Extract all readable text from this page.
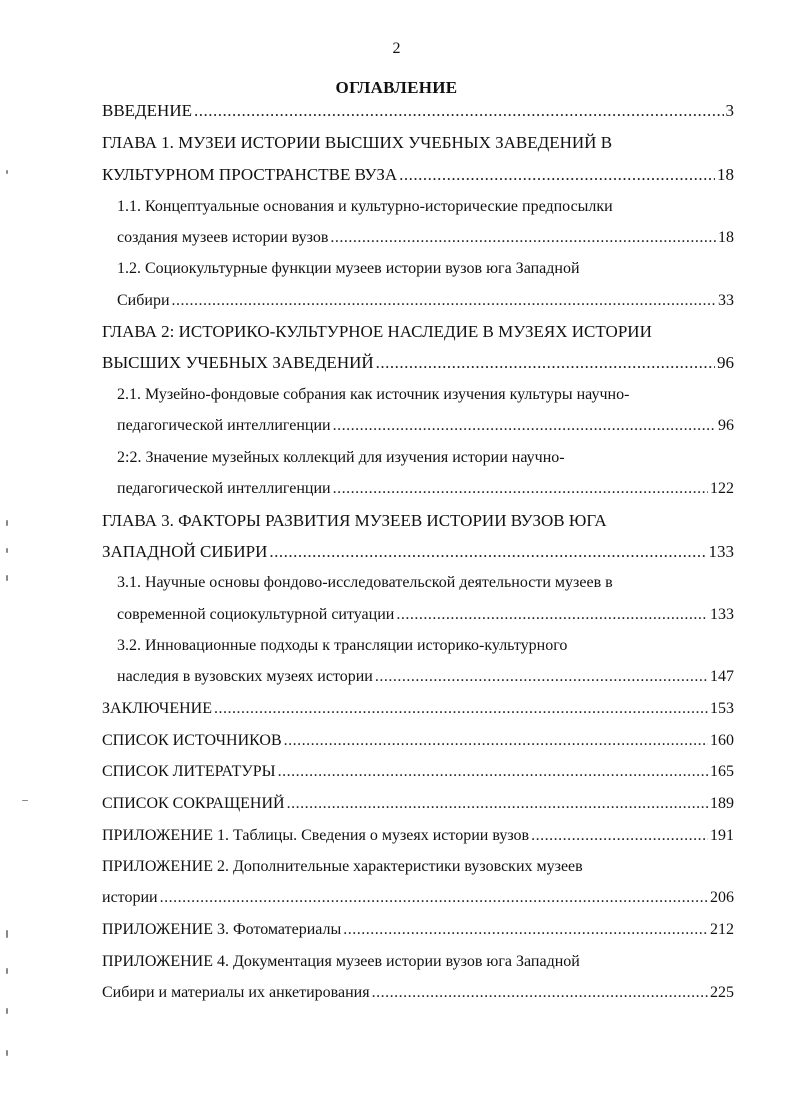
2
ОГЛАВЛЕНИЕ
ВВЕДЕНИЕ .....	3
ГЛАВА 1. МУЗЕИ ИСТОРИИ ВЫСШИХ УЧЕБНЫХ ЗАВЕДЕНИЙ В
КУЛЬТУРНОМ ПРОСТРАНСТВЕ ВУЗА .....	18
1.1. Концептуальные основания и культурно-исторические предпосылки
создания музеев истории вузов .....	18
1.2. Социокультурные функции музеев истории вузов юга Западной
Сибири .....	33
ГЛАВА 2: ИСТОРИКО-КУЛЬТУРНОЕ НАСЛЕДИЕ В МУЗЕЯХ ИСТОРИИ
ВЫСШИХ УЧЕБНЫХ ЗАВЕДЕНИЙ .....	96
2.1. Музейно-фондовые собрания как источник изучения культуры научно-
педагогической интеллигенции .....	96
2:2. Значение музейных коллекций для изучения истории научно-
педагогической интеллигенции .....	122
ГЛАВА 3. ФАКТОРЫ РАЗВИТИЯ МУЗЕЕВ ИСТОРИИ ВУЗОВ ЮГА
ЗАПАДНОЙ СИБИРИ .....	133
3.1. Научные основы фондово-исследовательской деятельности музеев в
современной социокультурной ситуации .....	133
3.2. Инновационные подходы к трансляции историко-культурного
наследия в вузовских музеях истории .....	147
ЗАКЛЮЧЕНИЕ .....	153
СПИСОК ИСТОЧНИКОВ .....	160
СПИСОК ЛИТЕРАТУРЫ .....	165
СПИСОК СОКРАЩЕНИЙ .....	189
ПРИЛОЖЕНИЕ 1. Таблицы. Сведения о музеях истории вузов .....	191
ПРИЛОЖЕНИЕ 2. Дополнительные характеристики вузовских музеев
истории .....	206
ПРИЛОЖЕНИЕ 3. Фотоматериалы .....	212
ПРИЛОЖЕНИЕ 4. Документация музеев истории вузов юга Западной
Сибири и материалы их анкетирования .....	225
